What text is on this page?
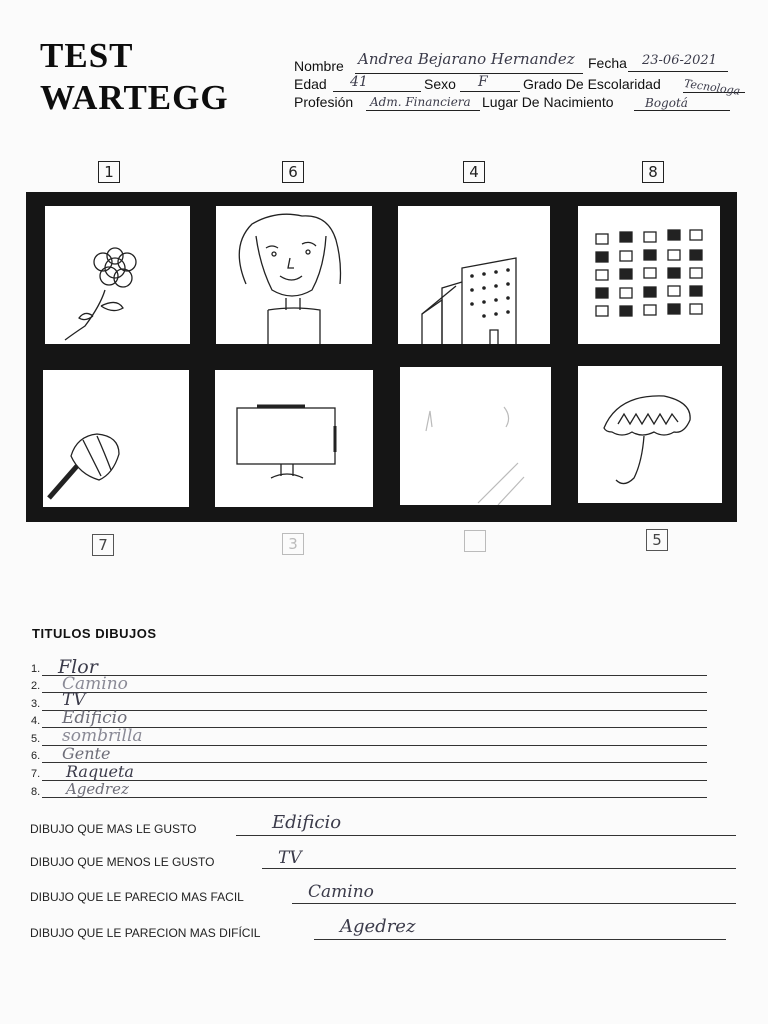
TEST
WARTEGG
Nombre Andrea Bejarano Hernandez Fecha 23-06-2021
Edad 41	Sexo F	Grado De Escolaridad Tecnologa
Profesión Adm. Financiera Lugar De Nacimiento	Bogotá
1	6	4	8
7	3	5
TITULOS DIBUJOS
1. Flor
2. Camino
3. TV
4. Edificio
5. sombrilla
6. Gente
7. Raqueta
8. Agedrez
DIBUJO QUE MAS LE GUSTO	Edificio
DIBUJO QUE MENOS LE GUSTO	TV
DIBUJO QUE LE PARECIO MAS FACIL	Camino
DIBUJO QUE LE PARECION MAS DIFÍCIL	Agedrez
